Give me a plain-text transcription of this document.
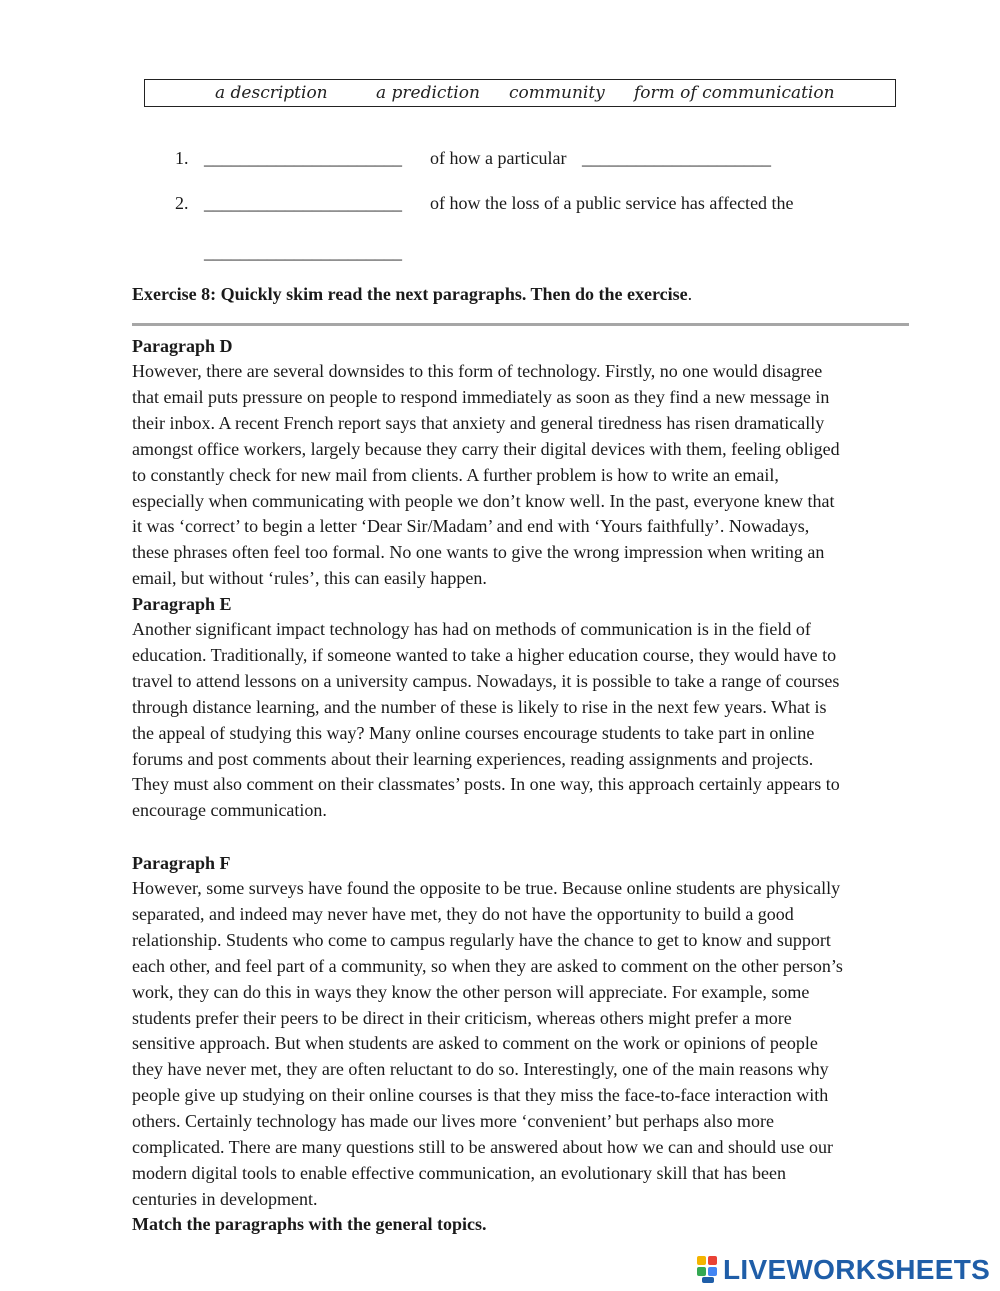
a description	a prediction community form of communication
1. ______________________ of how a particular _____________________
2. ______________________ of how the loss of a public service has affected the
______________________
Exercise 8: Quickly skim read the next paragraphs. Then do the exercise.
Paragraph D
However, there are several downsides to this form of technology. Firstly, no one would disagree
that email puts pressure on people to respond immediately as soon as they find a new message in
their inbox. A recent French report says that anxiety and general tiredness has risen dramatically
amongst office workers, largely because they carry their digital devices with them, feeling obliged
to constantly check for new mail from clients. A further problem is how to write an email,
especially when communicating with people we don’t know well. In the past, everyone knew that
it was ‘correct’ to begin a letter ‘Dear Sir/Madam’ and end with ‘Yours faithfully’. Nowadays,
these phrases often feel too formal. No one wants to give the wrong impression when writing an
email, but without ‘rules’, this can easily happen.
Paragraph E
Another significant impact technology has had on methods of communication is in the field of
education. Traditionally, if someone wanted to take a higher education course, they would have to
travel to attend lessons on a university campus. Nowadays, it is possible to take a range of courses
through distance learning, and the number of these is likely to rise in the next few years. What is
the appeal of studying this way? Many online courses encourage students to take part in online
forums and post comments about their learning experiences, reading assignments and projects.
They must also comment on their classmates’ posts. In one way, this approach certainly appears to
encourage communication.
Paragraph F
However, some surveys have found the opposite to be true. Because online students are physically
separated, and indeed may never have met, they do not have the opportunity to build a good
relationship. Students who come to campus regularly have the chance to get to know and support
each other, and feel part of a community, so when they are asked to comment on the other person’s
work, they can do this in ways they know the other person will appreciate. For example, some
students prefer their peers to be direct in their criticism, whereas others might prefer a more
sensitive approach. But when students are asked to comment on the work or opinions of people
they have never met, they are often reluctant to do so. Interestingly, one of the main reasons why
people give up studying on their online courses is that they miss the face-to-face interaction with
others. Certainly technology has made our lives more ‘convenient’ but perhaps also more
complicated. There are many questions still to be answered about how we can and should use our
modern digital tools to enable effective communication, an evolutionary skill that has been
centuries in development.
Match the paragraphs with the general topics.
LIVEWORKSHEETS
